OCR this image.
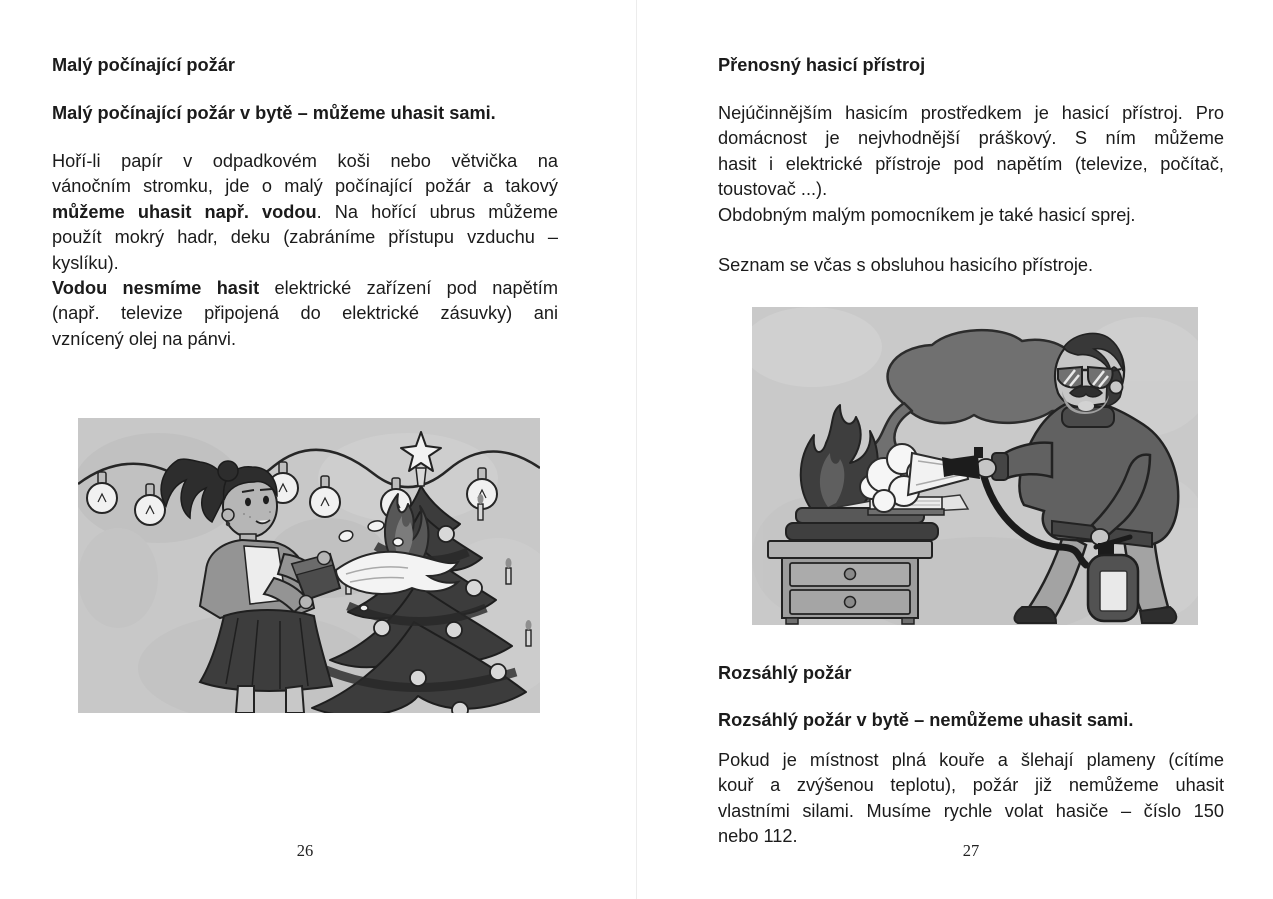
Malý počínající požár
Malý počínající požár v bytě – můžeme uhasit sami.
Hoří-li papír v odpadkovém koši nebo větvička na
vánočním stromku, jde o malý počínající požár a takový
můžeme uhasit např. vodou. Na hořící ubrus můžeme
použít mokrý hadr, deku (zabráníme přístupu vzduchu –
kyslíku).
Vodou nesmíme hasit elektrické zařízení pod napětím
(např. televize připojená do elektrické zásuvky) ani
vznícený olej na pánvi.
26
Přenosný hasicí přístroj
Nejúčinnějším hasicím prostředkem je hasicí přístroj. Pro
domácnost je nejvhodnější práškový. S ním můžeme
hasit i elektrické přístroje pod napětím (televize, počítač,
toustovač ...).
Obdobným malým pomocníkem je také hasicí sprej.
Seznam se včas s obsluhou hasicího přístroje.
Rozsáhlý požár
Rozsáhlý požár v bytě – nemůžeme uhasit sami.
Pokud je místnost plná kouře a šlehají plameny (cítíme
kouř a zvýšenou teplotu), požár již nemůžeme uhasit
vlastními silami. Musíme rychle volat hasiče – číslo 150
nebo 112.
27
